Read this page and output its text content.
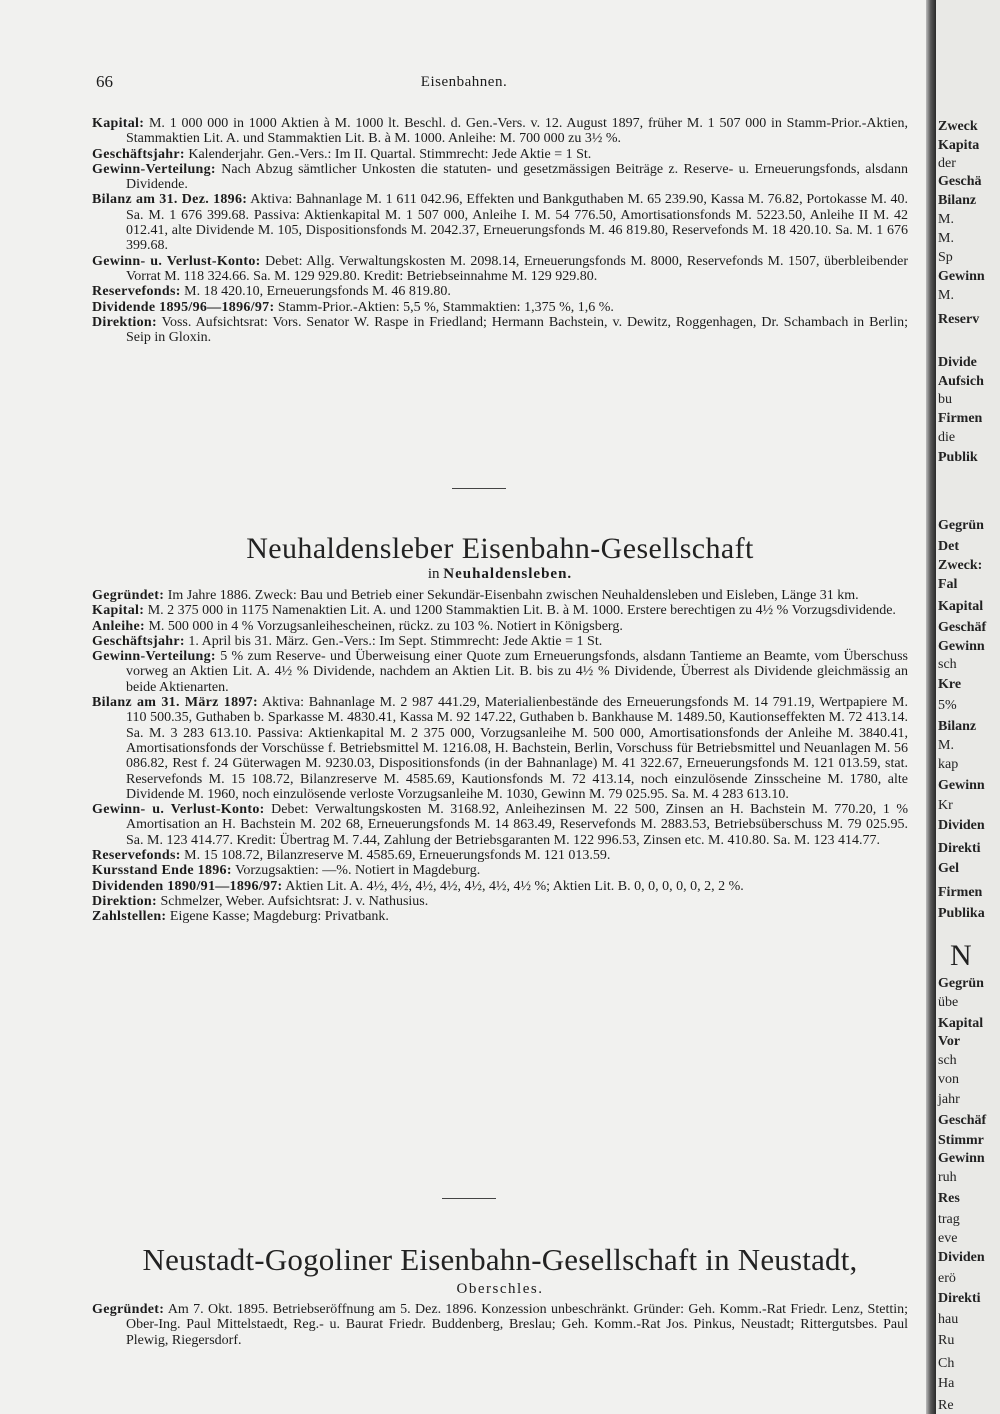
66	Eisenbahnen.

Kapital: M. 1 000 000 in 1000 Aktien à M. 1000 lt. Beschl. d. Gen.-Vers. v. 12. August 1897, früher M. 1 507 000 in Stamm-Prior.-Aktien, Stammaktien Lit. A. und Stammaktien Lit. B. à M. 1000. Anleihe: M. 700 000 zu 3½ %.

Geschäftsjahr: Kalenderjahr. Gen.-Vers.: Im II. Quartal. Stimmrecht: Jede Aktie = 1 St.

Gewinn-Verteilung: Nach Abzug sämtlicher Unkosten die statuten- und gesetzmässigen Beiträge z. Reserve- u. Erneuerungsfonds, alsdann Dividende.

Bilanz am 31. Dez. 1896: Aktiva: Bahnanlage M. 1 611 042.96, Effekten und Bankguthaben M. 65 239.90, Kassa M. 76.82, Portokasse M. 40. Sa. M. 1 676 399.68. Passiva: Aktienkapital M. 1 507 000, Anleihe I. M. 54 776.50, Amortisationsfonds M. 5223.50, Anleihe II M. 42 012.41, alte Dividende M. 105, Dispositionsfonds M. 2042.37, Erneuerungsfonds M. 46 819.80, Reservefonds M. 18 420.10. Sa. M. 1 676 399.68.

Gewinn- u. Verlust-Konto: Debet: Allg. Verwaltungskosten M. 2098.14, Erneuerungsfonds M. 8000, Reservefonds M. 1507, überbleibender Vorrat M. 118 324.66. Sa. M. 129 929.80. Kredit: Betriebseinnahme M. 129 929.80.

Reservefonds: M. 18 420.10, Erneuerungsfonds M. 46 819.80.

Dividende 1895/96—1896/97: Stamm-Prior.-Aktien: 5,5 %, Stammaktien: 1,375 %, 1,6 %.

Direktion: Voss. Aufsichtsrat: Vors. Senator W. Raspe in Friedland; Hermann Bachstein, v. Dewitz, Roggenhagen, Dr. Schambach in Berlin; Seip in Gloxin.

Neuhaldensleber Eisenbahn-Gesellschaft
in Neuhaldensleben.

Gegründet: Im Jahre 1886. Zweck: Bau und Betrieb einer Sekundär-Eisenbahn zwischen Neuhaldensleben und Eisleben, Länge 31 km.

Kapital: M. 2 375 000 in 1175 Namenaktien Lit. A. und 1200 Stammaktien Lit. B. à M. 1000. Erstere berechtigen zu 4½ % Vorzugsdividende.

Anleihe: M. 500 000 in 4 % Vorzugsanleihescheinen, rückz. zu 103 %. Notiert in Königsberg.

Geschäftsjahr: 1. April bis 31. März. Gen.-Vers.: Im Sept. Stimmrecht: Jede Aktie = 1 St.

Gewinn-Verteilung: 5 % zum Reserve- und Überweisung einer Quote zum Erneuerungsfonds, alsdann Tantieme an Beamte, vom Überschuss vorweg an Aktien Lit. A. 4½ % Dividende, nachdem an Aktien Lit. B. bis zu 4½ % Dividende, Überrest als Dividende gleichmässig an beide Aktienarten.

Bilanz am 31. März 1897: Aktiva: Bahnanlage M. 2 987 441.29, Materialienbestände des Erneuerungsfonds M. 14 791.19, Wertpapiere M. 110 500.35, Guthaben b. Sparkasse M. 4830.41, Kassa M. 92 147.22, Guthaben b. Bankhause M. 1489.50, Kautionseffekten M. 72 413.14. Sa. M. 3 283 613.10. Passiva: Aktienkapital M. 2 375 000, Vorzugsanleihe M. 500 000, Amortisationsfonds der Anleihe M. 3840.41, Amortisationsfonds der Vorschüsse f. Betriebsmittel M. 1216.08, H. Bachstein, Berlin, Vorschuss für Betriebsmittel und Neuanlagen M. 56 086.82, Rest f. 24 Güterwagen M. 9230.03, Dispositionsfonds (in der Bahnanlage) M. 41 322.67, Erneuerungsfonds M. 121 013.59, stat. Reservefonds M. 15 108.72, Bilanzreserve M. 4585.69, Kautionsfonds M. 72 413.14, noch einzulösende Zinsscheine M. 1780, alte Dividende M. 1960, noch einzulösende verloste Vorzugsanleihe M. 1030, Gewinn M. 79 025.95. Sa. M. 4 283 613.10.

Gewinn- u. Verlust-Konto: Debet: Verwaltungskosten M. 3168.92, Anleihezinsen M. 22 500, Zinsen an H. Bachstein M. 770.20, 1 % Amortisation an H. Bachstein M. 202 68, Erneuerungsfonds M. 14 863.49, Reservefonds M. 2883.53, Betriebsüberschuss M. 79 025.95. Sa. M. 123 414.77. Kredit: Übertrag M. 7.44, Zahlung der Betriebsgaranten M. 122 996.53, Zinsen etc. M. 410.80. Sa. M. 123 414.77.

Reservefonds: M. 15 108.72, Bilanzreserve M. 4585.69, Erneuerungsfonds M. 121 013.59.

Kursstand Ende 1896: Vorzugsaktien: —%. Notiert in Magdeburg.

Dividenden 1890/91—1896/97: Aktien Lit. A. 4½, 4½, 4½, 4½, 4½, 4½, 4½ %; Aktien Lit. B. 0, 0, 0, 0, 0, 2, 2 %.

Direktion: Schmelzer, Weber. Aufsichtsrat: J. v. Nathusius.

Zahlstellen: Eigene Kasse; Magdeburg: Privatbank.

Neustadt-Gogoliner Eisenbahn-Gesellschaft in Neustadt,
Oberschles.

Gegründet: Am 7. Okt. 1895. Betriebseröffnung am 5. Dez. 1896. Konzession unbeschränkt. Gründer: Geh. Komm.-Rat Friedr. Lenz, Stettin; Ober-Ing. Paul Mittelstaedt, Reg.- u. Baurat Friedr. Buddenberg, Breslau; Geh. Komm.-Rat Jos. Pinkus, Neustadt; Rittergutsbes. Paul Plewig, Riegersdorf.

Zweck
Kapita
der
Geschä
Bilanz
M.
M.
Sp
Gewinn
M.
Reserv
Divide
Aufsich
bu
Firmen
die
Publik
Gegrün
Det
Zweck:
Fal
Kapital
Geschäf
Gewinn
sch
Kre
5%
Bilanz
M.
kap
Gewinn
Kr
Dividen
Direkti
Gel
Firmen
Publika
N
Gegrün
übe
Kapital
Vor
sch
von
jahr
Geschäf
Stimmr
Gewinn
ruh
Res
trag
eve
Dividen
erö
Direkti
hau
Ru
Ch
Ha
Re
